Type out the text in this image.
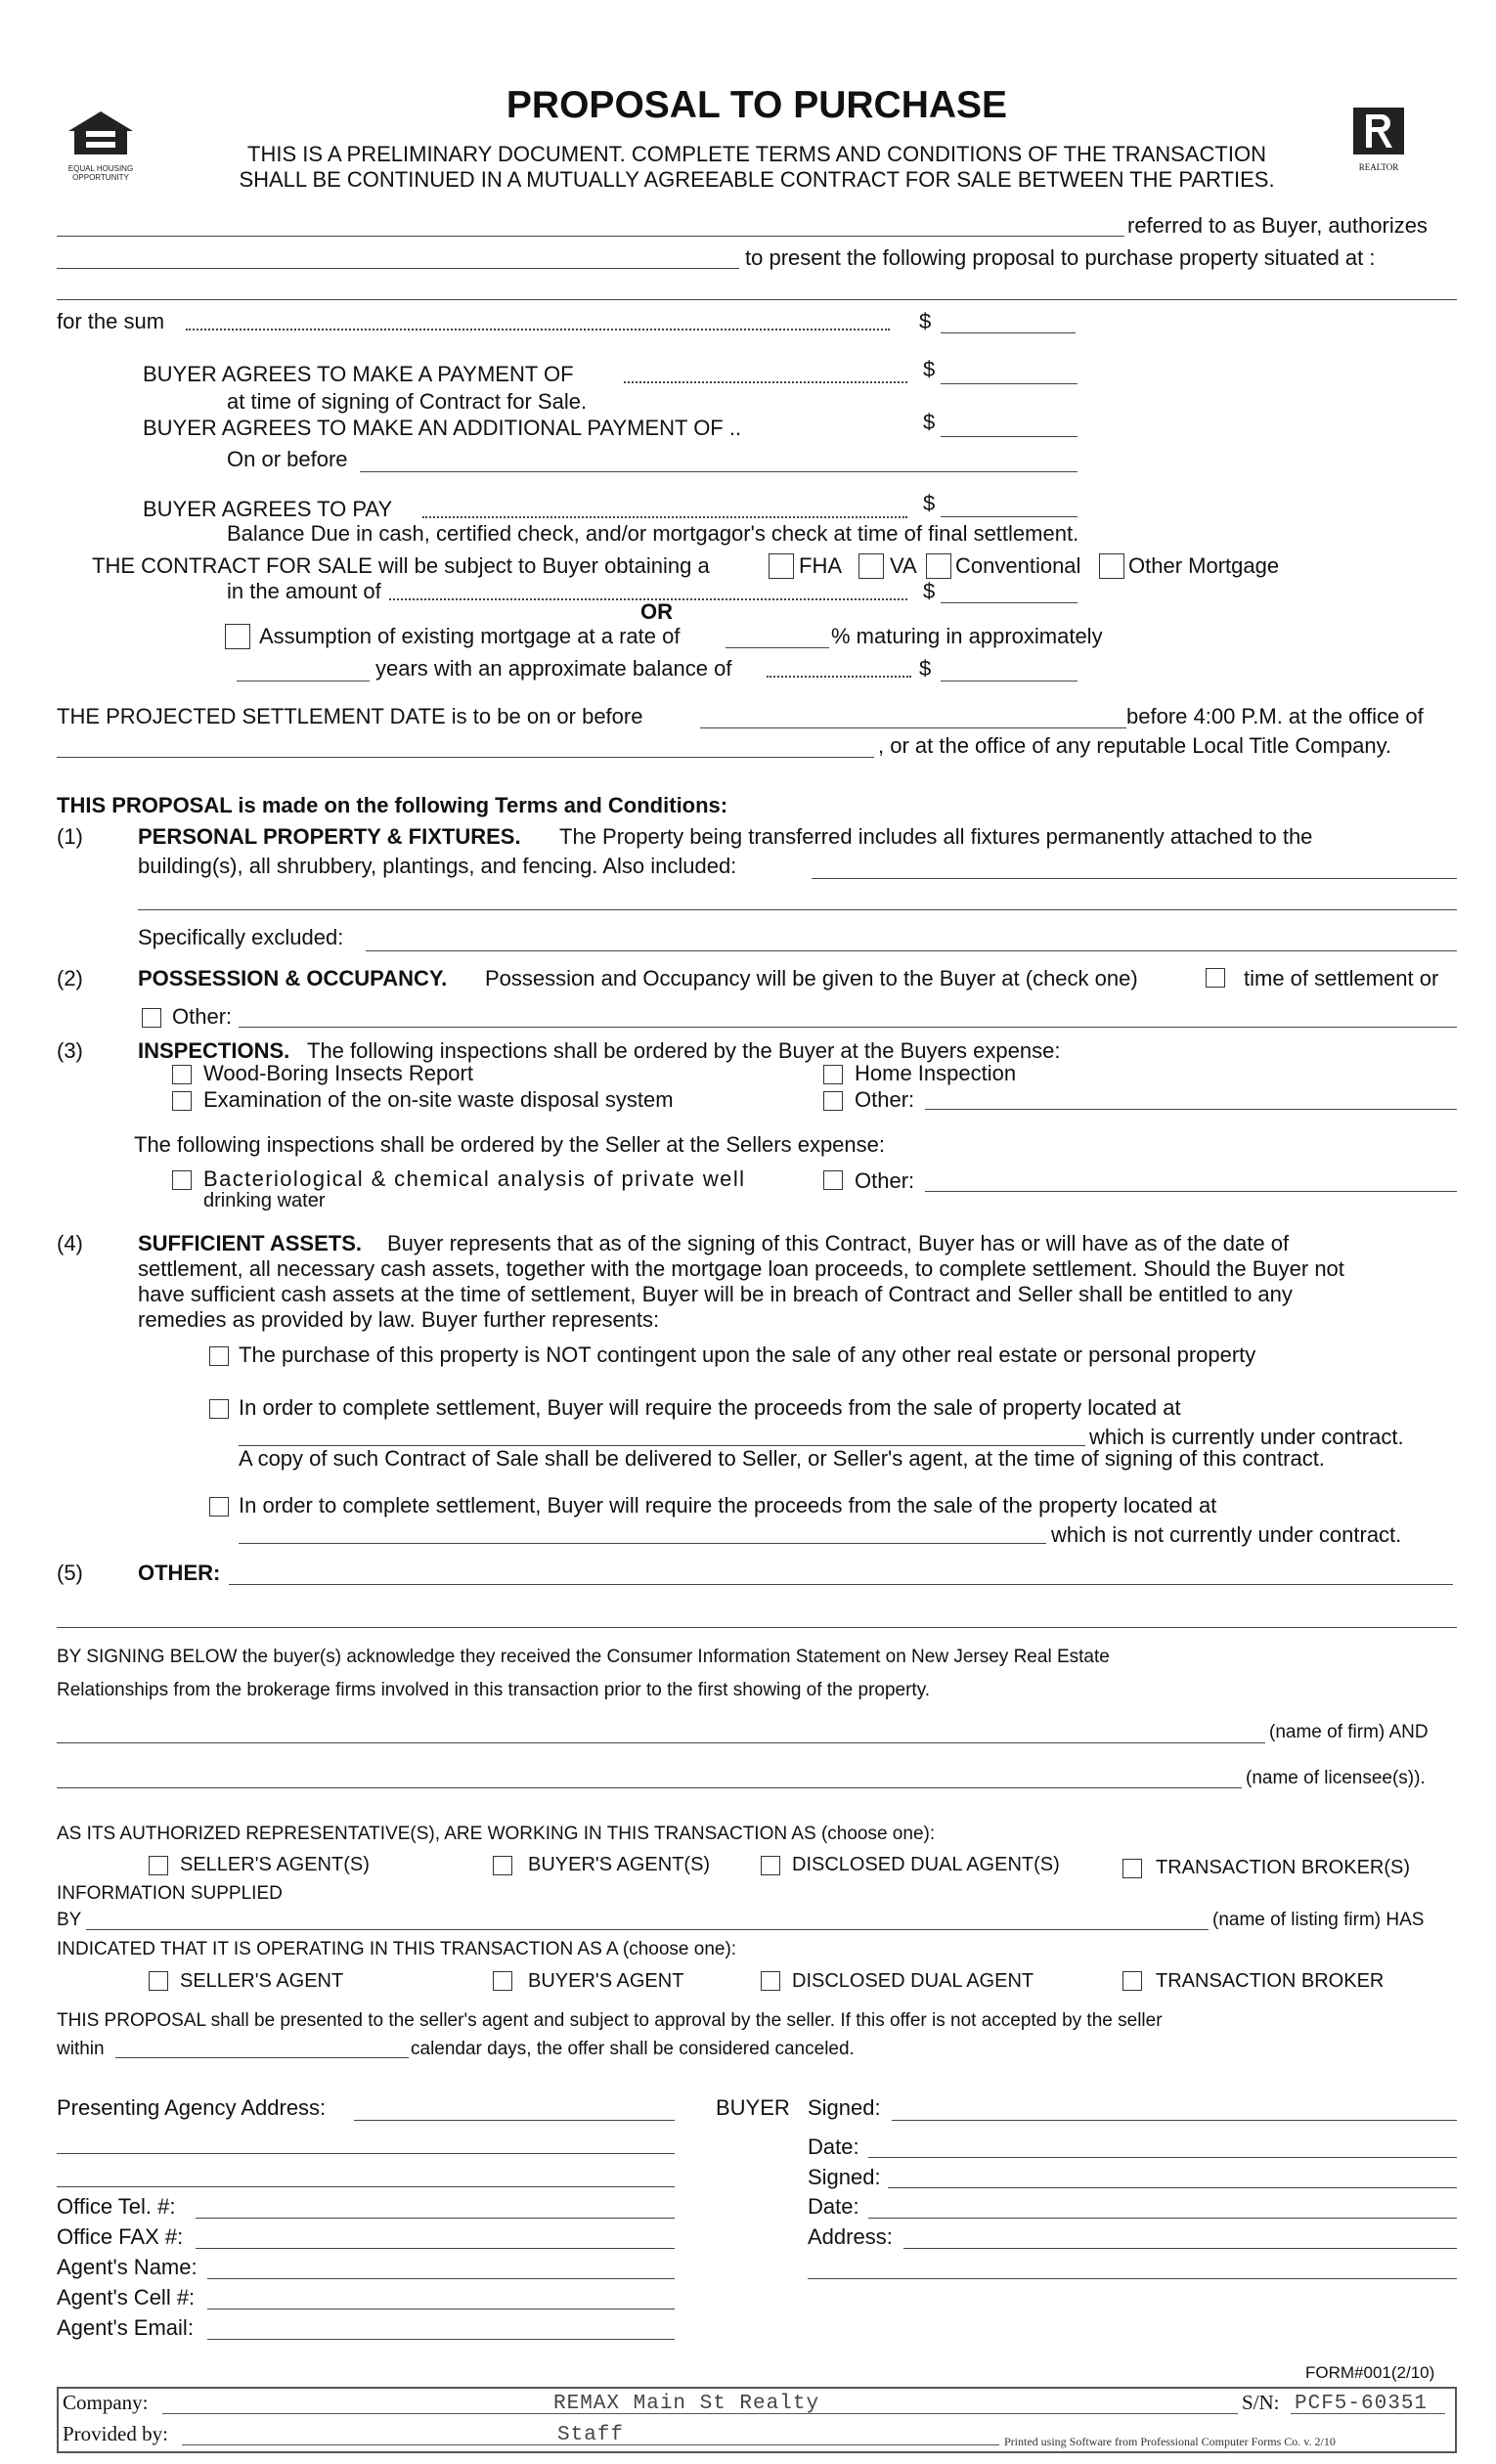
EQUAL HOUSING
OPPORTUNITY
PROPOSAL TO PURCHASE
THIS IS A PRELIMINARY DOCUMENT. COMPLETE TERMS AND CONDITIONS OF THE TRANSACTION
SHALL BE CONTINUED IN A MUTUALLY AGREEABLE CONTRACT FOR SALE BETWEEN THE PARTIES.	REALTOR
referred to as Buyer, authorizes
to present the following proposal to purchase property situated at :
for the sum	$
BUYER AGREES TO MAKE A PAYMENT OF	$
at time of signing of Contract for Sale.
BUYER AGREES TO MAKE AN ADDITIONAL PAYMENT OF ..	$
On or before
BUYER AGREES TO PAY	$
Balance Due in cash, certified check, and/or mortgagor's check at time of final settlement.
THE CONTRACT FOR SALE will be subject to Buyer obtaining a	FHA VA Conventional Other Mortgage
in the amount of	$
OR
Assumption of existing mortgage at a rate of	% maturing in approximately
years with an approximate balance of	$
THE PROJECTED SETTLEMENT DATE is to be on or before	before 4:00 P.M. at the office of
, or at the office of any reputable Local Title Company.
THIS PROPOSAL is made on the following Terms and Conditions:
(1)	PERSONAL PROPERTY & FIXTURES. The Property being transferred includes all fixtures permanently attached to the
building(s), all shrubbery, plantings, and fencing. Also included:
Specifically excluded:
(2)	POSSESSION & OCCUPANCY. Possession and Occupancy will be given to the Buyer at (check one)	time of settlement or
Other:
(3)	INSPECTIONS. The following inspections shall be ordered by the Buyer at the Buyers expense:
Wood-Boring Insects Report	Home Inspection
Examination of the on-site waste disposal system	Other:
The following inspections shall be ordered by the Seller at the Sellers expense:
Bacteriological & chemical analysis of private well
drinking water
Other:
(4)	SUFFICIENT ASSETS. Buyer represents that as of the signing of this Contract, Buyer has or will have as of the date of
settlement, all necessary cash assets, together with the mortgage loan proceeds, to complete settlement. Should the Buyer not
have sufficient cash assets at the time of settlement, Buyer will be in breach of Contract and Seller shall be entitled to any
remedies as provided by law. Buyer further represents:
The purchase of this property is NOT contingent upon the sale of any other real estate or personal property
In order to complete settlement, Buyer will require the proceeds from the sale of property located at
which is currently under contract.
A copy of such Contract of Sale shall be delivered to Seller, or Seller's agent, at the time of signing of this contract.
In order to complete settlement, Buyer will require the proceeds from the sale of the property located at
which is not currently under contract.
(5)	OTHER:
BY SIGNING BELOW the buyer(s) acknowledge they received the Consumer Information Statement on New Jersey Real Estate
Relationships from the brokerage firms involved in this transaction prior to the first showing of the property.
(name of firm) AND
(name of licensee(s)).
AS ITS AUTHORIZED REPRESENTATIVE(S), ARE WORKING IN THIS TRANSACTION AS (choose one):
SELLER'S AGENT(S)	BUYER'S AGENT(S)	DISCLOSED DUAL AGENT(S)	TRANSACTION BROKER(S)
INFORMATION SUPPLIED
BY	(name of listing firm) HAS
INDICATED THAT IT IS OPERATING IN THIS TRANSACTION AS A (choose one):
SELLER'S AGENT	BUYER'S AGENT	DISCLOSED DUAL AGENT	TRANSACTION BROKER
THIS PROPOSAL shall be presented to the seller's agent and subject to approval by the seller. If this offer is not accepted by the seller
within	calendar days, the offer shall be considered canceled.
Presenting Agency Address:
Office Tel. #:
Office FAX #:
Agent's Name:
Agent's Cell #:
Agent's Email:
BUYER Signed:
Date:
Signed:
Date:
Address:
FORM#001(2/10)
Company:	REMAX Main St Realty	S/N: PCF5-60351
Provided by:	Staff	Printed using Software from Professional Computer Forms Co. v. 2/10
